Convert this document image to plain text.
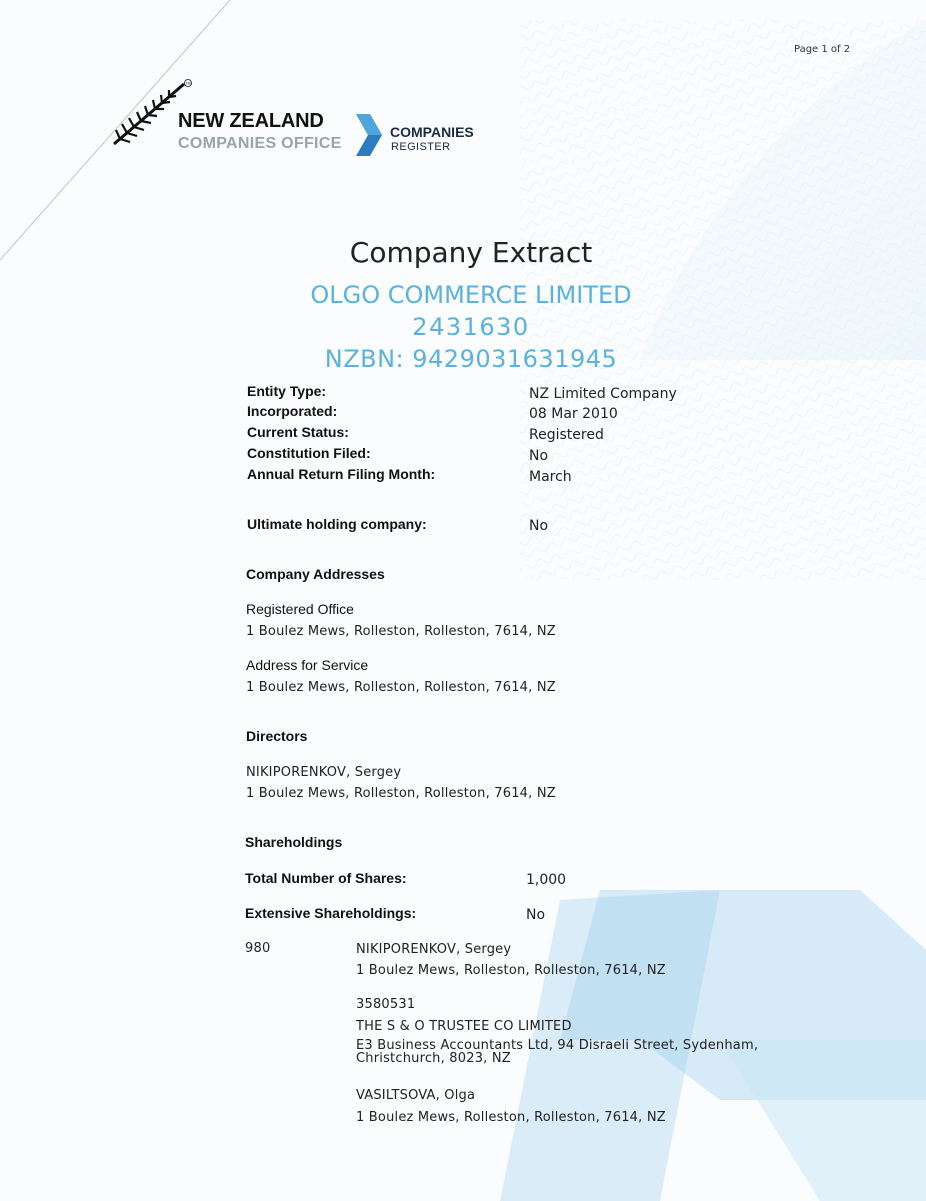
Page 1 of 2
TM
NEW ZEALAND
COMPANIES OFFICE
COMPANIES
REGISTER
Company Extract
OLGO COMMERCE LIMITED
2431630
NZBN: 9429031631945
Entity Type:	NZ Limited Company
Incorporated:	08 Mar 2010
Current Status:	Registered
Constitution Filed:	No
Annual Return Filing Month:	March
Ultimate holding company:	No
Company Addresses
Registered Office
1 Boulez Mews, Rolleston, Rolleston, 7614, NZ
Address for Service
1 Boulez Mews, Rolleston, Rolleston, 7614, NZ
Directors
NIKIPORENKOV, Sergey
1 Boulez Mews, Rolleston, Rolleston, 7614, NZ
Shareholdings
Total Number of Shares:	1,000
Extensive Shareholdings:	No
980	NIKIPORENKOV, Sergey
1 Boulez Mews, Rolleston, Rolleston, 7614, NZ
3580531
THE S & O TRUSTEE CO LIMITED
E3 Business Accountants Ltd, 94 Disraeli Street, Sydenham, Christchurch, 8023, NZ
VASILTSOVA, Olga
1 Boulez Mews, Rolleston, Rolleston, 7614, NZ
